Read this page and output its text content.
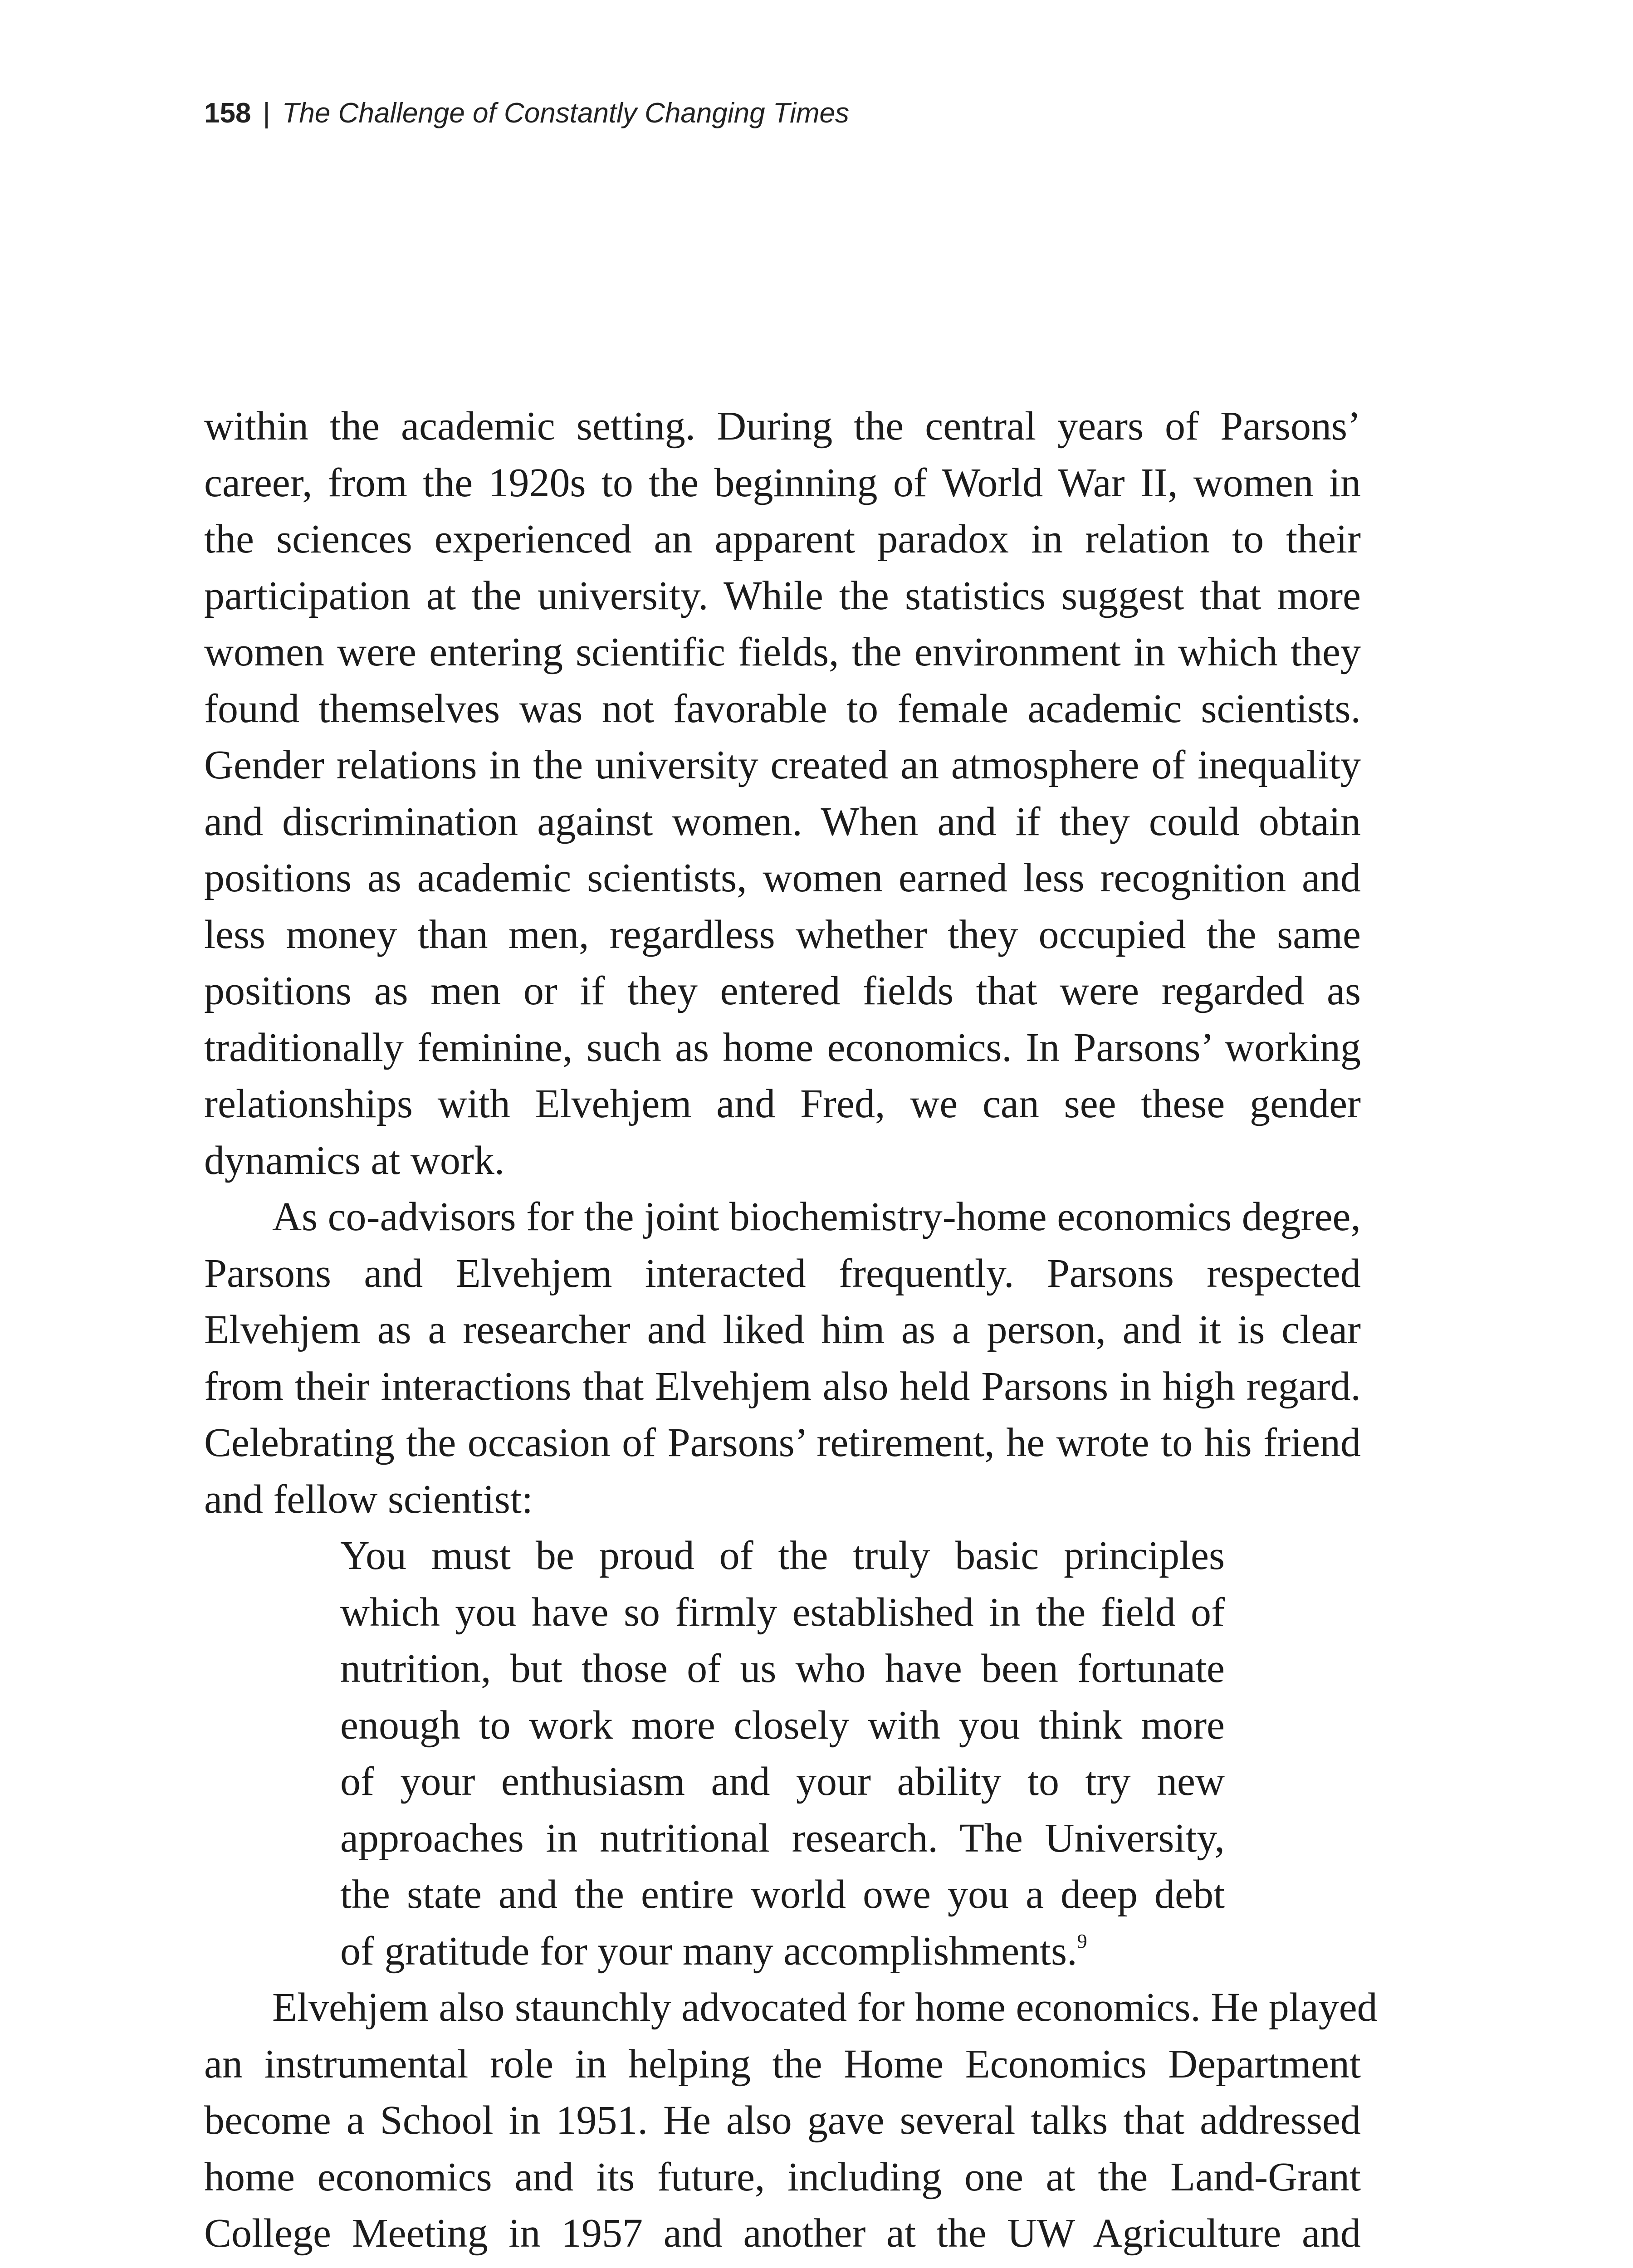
158 | The Challenge of Constantly Changing Times
within the academic setting. During the central years of Parsons’
career, from the 1920s to the beginning of World War II, women in
the sciences experienced an apparent paradox in relation to their
participation at the university. While the statistics suggest that more
women were entering scientific fields, the environment in which they
found themselves was not favorable to female academic scientists.
Gender relations in the university created an atmosphere of inequality
and discrimination against women. When and if they could obtain
positions as academic scientists, women earned less recognition and
less money than men, regardless whether they occupied the same
positions as men or if they entered fields that were regarded as
traditionally feminine, such as home economics. In Parsons’ working
relationships with Elvehjem and Fred, we can see these gender
dynamics at work.
As co-advisors for the joint biochemistry-home economics degree,
Parsons and Elvehjem interacted frequently. Parsons respected
Elvehjem as a researcher and liked him as a person, and it is clear
from their interactions that Elvehjem also held Parsons in high regard.
Celebrating the occasion of Parsons’ retirement, he wrote to his friend
and fellow scientist:
You must be proud of the truly basic principles
which you have so firmly established in the field of
nutrition, but those of us who have been fortunate
enough to work more closely with you think more
of your enthusiasm and your ability to try new
approaches in nutritional research. The University,
the state and the entire world owe you a deep debt
of gratitude for your many accomplishments.$^9$
Elvehjem also staunchly advocated for home economics. He played
an instrumental role in helping the Home Economics Department
become a School in 1951. He also gave several talks that addressed
home economics and its future, including one at the Land-Grant
College Meeting in 1957 and another at the UW Agriculture and
